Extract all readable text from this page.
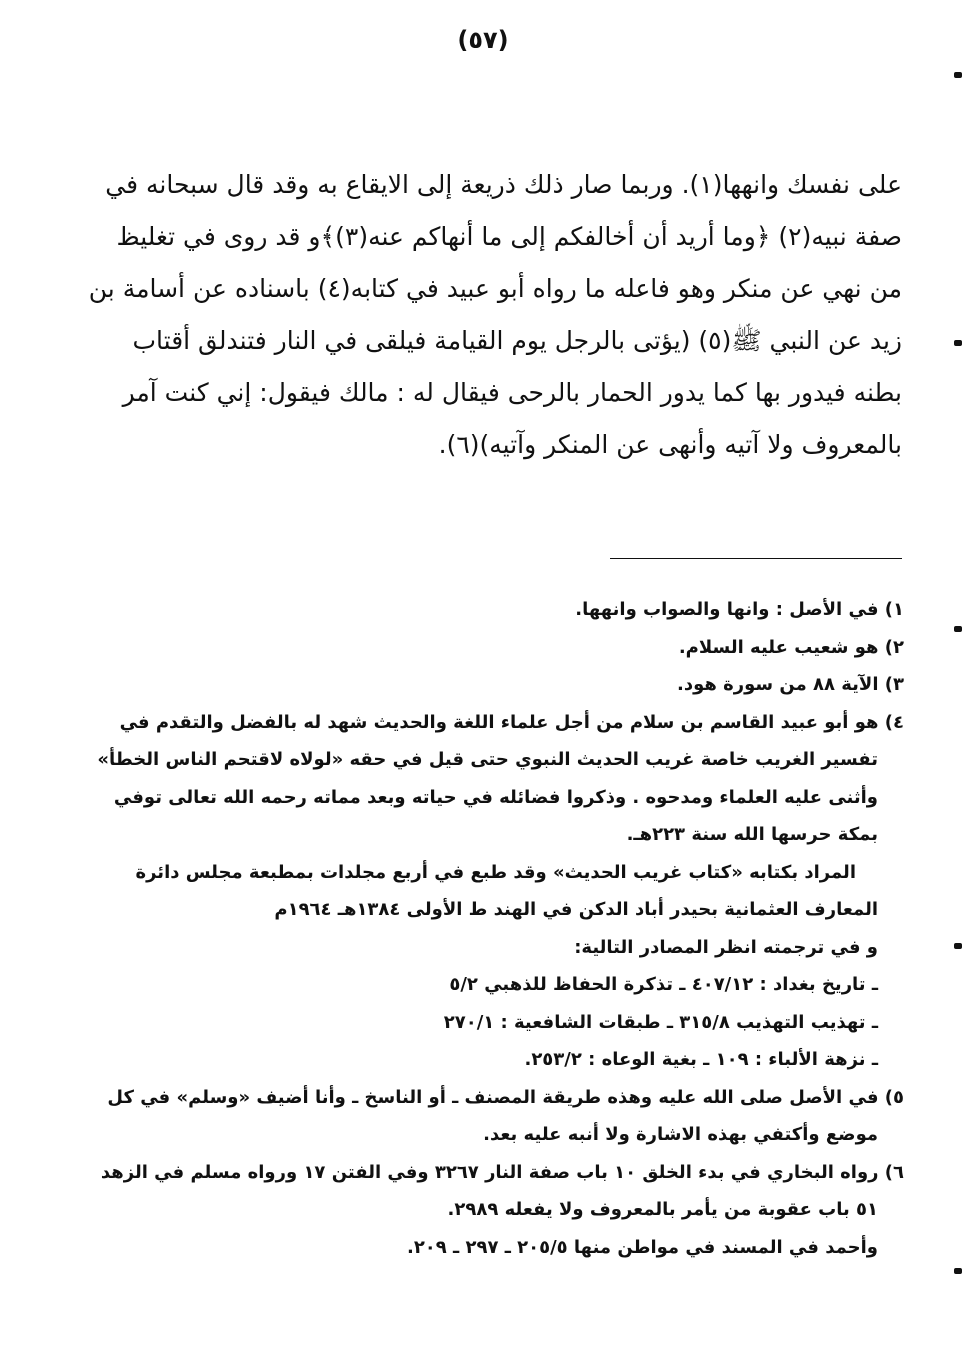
(٥٧)
على نفسك وانهها(١). وربما صار ذلك ذريعة إلى الايقاع به وقد قال سبحانه في
صفة نبيه(٢) ﴿وما أريد أن أخالفكم إلى ما أنهاكم عنه(٣)﴾و قد روى في تغليظ
من نهي عن منكر وهو فاعله ما رواه أبو عبيد في كتابه(٤) باسناده عن أسامة بن
زيد عن النبي ﷺ(٥) (يؤتى بالرجل يوم القيامة فيلقى في النار فتندلق أقتاب
بطنه فيدور بها كما يدور الحمار بالرحى فيقال له : مالك فيقول: إني كنت آمر
بالمعروف ولا آتيه وأنهى عن المنكر وآتيه)(٦).
١) في الأصل : وانها والصواب وانهها.
٢) هو شعيب عليه السلام.
٣) الآية ٨٨ من سورة هود.
٤) هو أبو عبيد القاسم بن سلام من أجل علماء اللغة والحديث شهد له بالفضل والتقدم في
تفسير الغريب خاصة غريب الحديث النبوي حتى قيل في حقه «لولاه لاقتحم الناس الخطأ»
وأثنى عليه العلماء ومدحوه . وذكروا فضائله في حياته وبعد مماته رحمه الله تعالى توفي
بمكة حرسها الله سنة ٢٢٣هـ.
المراد بكتابه «كتاب غريب الحديث» وقد طبع في أربع مجلدات بمطبعة مجلس دائرة
المعارف العثمانية بحيدر أباد الدكن في الهند ط الأولى ١٣٨٤هـ ١٩٦٤م
و في ترجمته انظر المصادر التالية:
ـ تاريخ بغداد : ٤٠٧/١٢ ـ تذكرة الحفاظ للذهبي ٥/٢
ـ تهذيب التهذيب ٣١٥/٨ ـ طبقات الشافعية : ٢٧٠/١
ـ نزهة الألباء : ١٠٩ ـ بغية الوعاه : ٢٥٣/٢.
٥) في الأصل صلى الله عليه وهذه طريقة المصنف ـ أو الناسخ ـ وأنا أضيف «وسلم» في كل
موضع وأكتفي بهذه الاشارة ولا أنبه عليه بعد.
٦) رواه البخاري في بدء الخلق ١٠ باب صفة النار ٣٢٦٧ وفي الفتن ١٧ ورواه مسلم في الزهد
٥١ باب عقوبة من يأمر بالمعروف ولا يفعله ٢٩٨٩.
وأحمد في المسند في مواطن منها ٢٠٥/٥ ـ ٢٩٧ ـ ٢٠٩.
